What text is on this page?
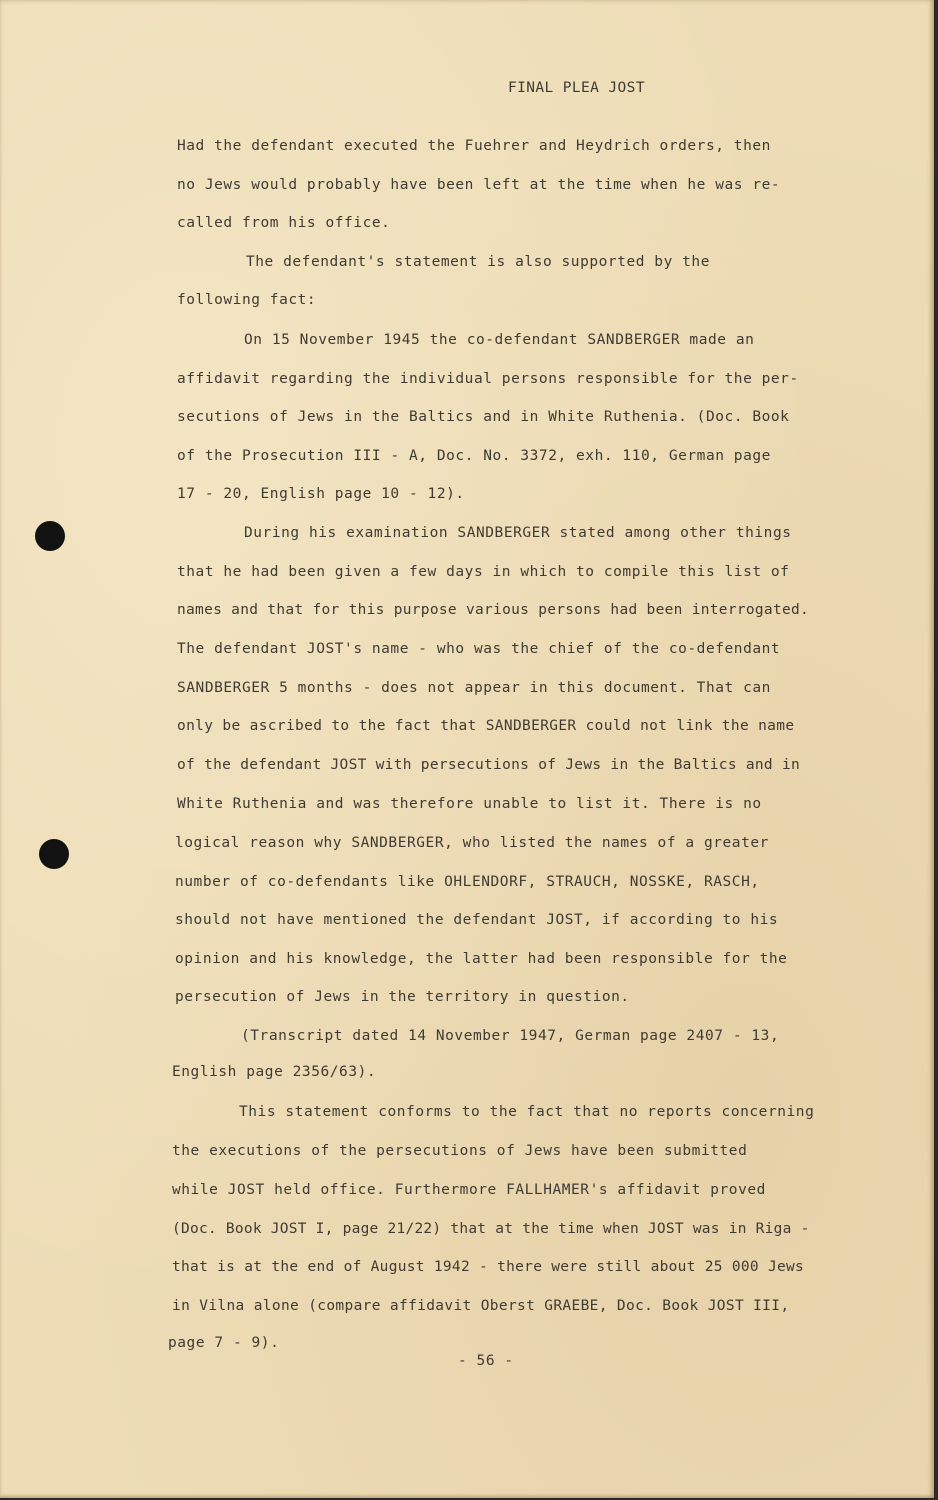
FINAL PLEA JOST
Had the defendant executed the Fuehrer and Heydrich orders, then
no Jews would probably have been left at the time when he was re-
called from his office.
The defendant's statement is also supported by the
following fact:
On 15 November 1945 the co-defendant SANDBERGER made an
affidavit regarding the individual persons responsible for the per-
secutions of Jews in the Baltics and in White Ruthenia. (Doc. Book
of the Prosecution III - A, Doc. No. 3372, exh. 110, German page
17 - 20, English page 10 - 12).
During his examination SANDBERGER stated among other things
that he had been given a few days in which to compile this list of
names and that for this purpose various persons had been interrogated.
The defendant JOST's name - who was the chief of the co-defendant
SANDBERGER 5 months - does not appear in this document. That can
only be ascribed to the fact that SANDBERGER could not link the name
of the defendant JOST with persecutions of Jews in the Baltics and in
White Ruthenia and was therefore unable to list it. There is no
logical reason why SANDBERGER, who listed the names of a greater
number of co-defendants like OHLENDORF, STRAUCH, NOSSKE, RASCH,
should not have mentioned the defendant JOST, if according to his
opinion and his knowledge, the latter had been responsible for the
persecution of Jews in the territory in question.
(Transcript dated 14 November 1947, German page 2407 - 13,
English page 2356/63).
This statement conforms to the fact that no reports concerning
the executions of the persecutions of Jews have been submitted
while JOST held office. Furthermore FALLHAMER's affidavit proved
(Doc. Book JOST I, page 21/22) that at the time when JOST was in Riga -
that is at the end of August 1942 - there were still about 25 000 Jews
in Vilna alone (compare affidavit Oberst GRAEBE, Doc. Book JOST III,
page 7 - 9).
- 56 -
